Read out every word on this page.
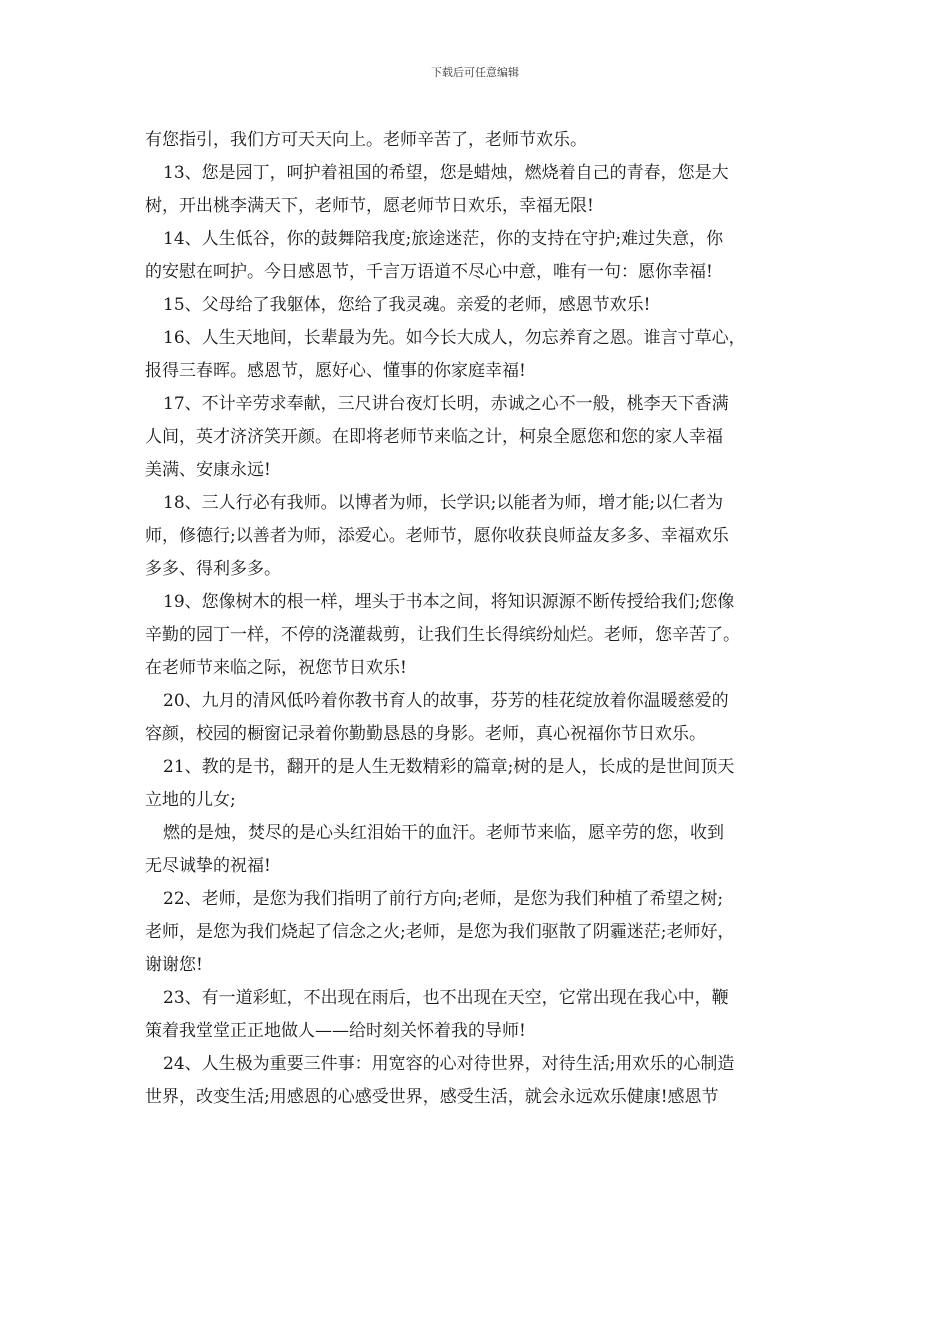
下载后可任意编辑
有您指引，我们方可天天向上。老师辛苦了，老师节欢乐。
13、您是园丁，呵护着祖国的希望，您是蜡烛，燃烧着自己的青春，您是大
树，开出桃李满天下，老师节，愿老师节日欢乐，幸福无限!
14、人生低谷，你的鼓舞陪我度;旅途迷茫，你的支持在守护;难过失意，你
的安慰在呵护。今日感恩节，千言万语道不尽心中意，唯有一句：愿你幸福!
15、父母给了我躯体，您给了我灵魂。亲爱的老师，感恩节欢乐!
16、人生天地间，长辈最为先。如今长大成人，勿忘养育之恩。谁言寸草心，
报得三春晖。感恩节，愿好心、懂事的你家庭幸福!
17、不计辛劳求奉献，三尺讲台夜灯长明，赤诚之心不一般，桃李天下香满
人间，英才济济笑开颜。在即将老师节来临之计，柯泉全愿您和您的家人幸福
美满、安康永远!
18、三人行必有我师。以博者为师，长学识;以能者为师，增才能;以仁者为
师，修德行;以善者为师，添爱心。老师节，愿你收获良师益友多多、幸福欢乐
多多、得利多多。
19、您像树木的根一样，埋头于书本之间，将知识源源不断传授给我们;您像
辛勤的园丁一样，不停的浇灌裁剪，让我们生长得缤纷灿烂。老师，您辛苦了。
在老师节来临之际，祝您节日欢乐!
20、九月的清风低吟着你教书育人的故事，芬芳的桂花绽放着你温暖慈爱的
容颜，校园的橱窗记录着你勤勤恳恳的身影。老师，真心祝福你节日欢乐。
21、教的是书，翻开的是人生无数精彩的篇章;树的是人，长成的是世间顶天
立地的儿女;
燃的是烛，焚尽的是心头红泪始干的血汗。老师节来临，愿辛劳的您，收到
无尽诚挚的祝福!
22、老师，是您为我们指明了前行方向;老师，是您为我们种植了希望之树;
老师，是您为我们烧起了信念之火;老师，是您为我们驱散了阴霾迷茫;老师好，
谢谢您!
23、有一道彩虹，不出现在雨后，也不出现在天空，它常出现在我心中，鞭
策着我堂堂正正地做人——给时刻关怀着我的导师!
24、人生极为重要三件事：用宽容的心对待世界，对待生活;用欢乐的心制造
世界，改变生活;用感恩的心感受世界，感受生活，就会永远欢乐健康!感恩节
